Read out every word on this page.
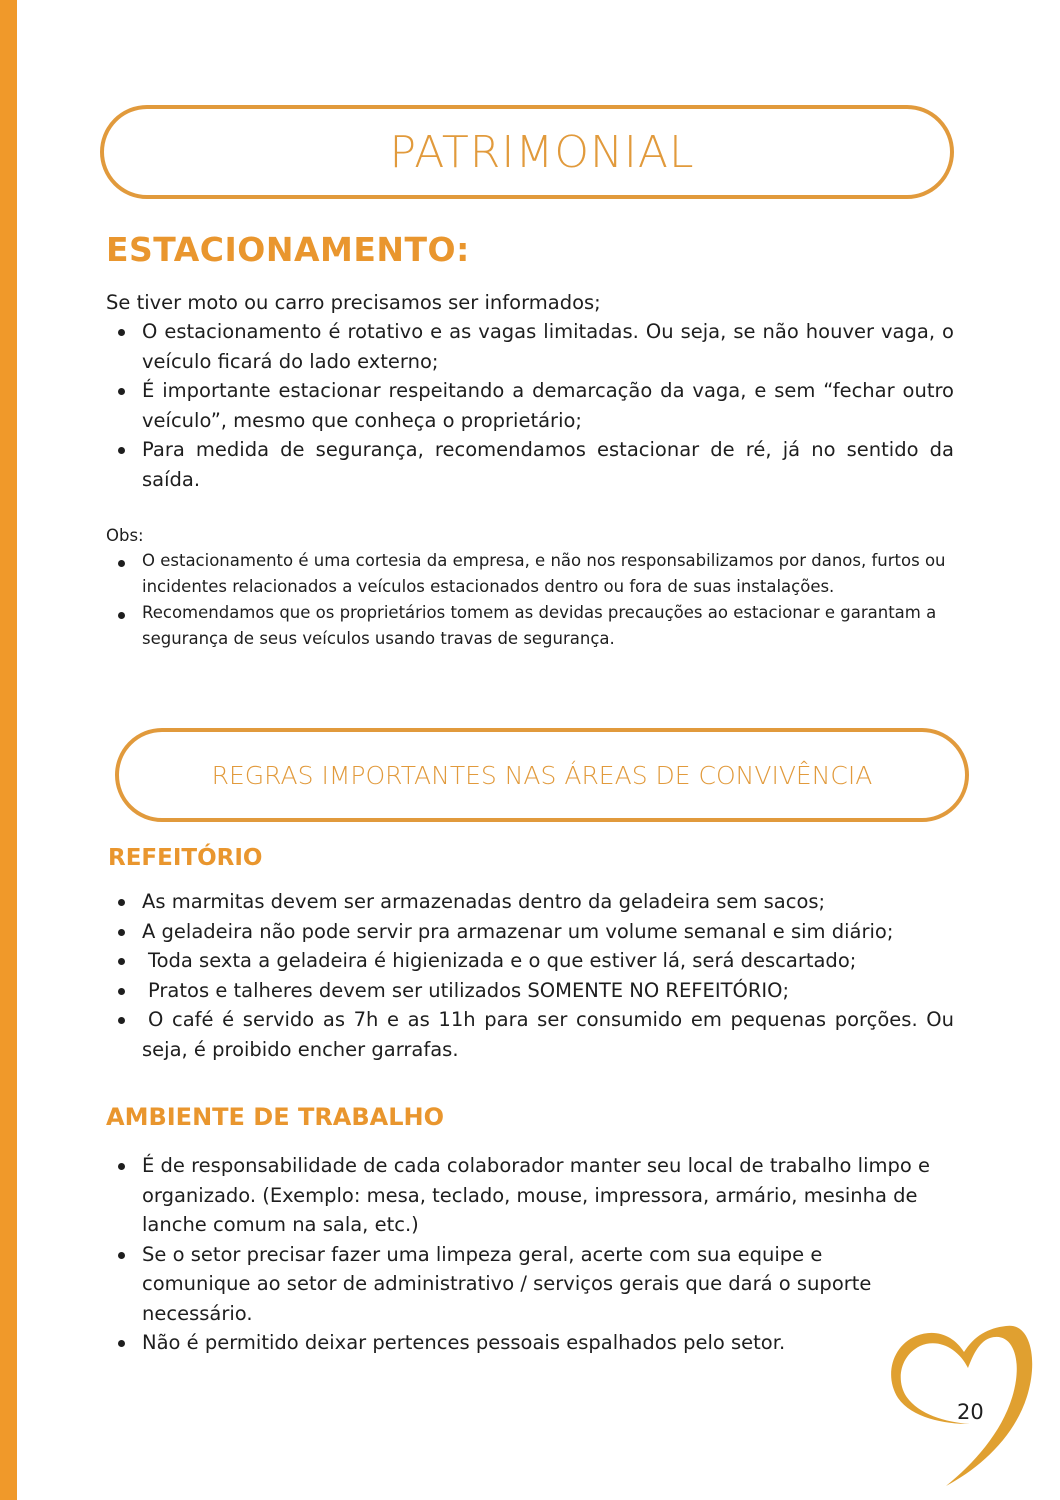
PATRIMONIAL
ESTACIONAMENTO:
Se tiver moto ou carro precisamos ser informados;
O estacionamento é rotativo e as vagas limitadas. Ou seja, se não houver vaga, o veículo ficará do lado externo;
É importante estacionar respeitando a demarcação da vaga, e sem “fechar outro veículo”, mesmo que conheça o proprietário;
Para medida de segurança, recomendamos estacionar de ré, já no sentido da saída.
Obs:
O estacionamento é uma cortesia da empresa, e não nos responsabilizamos por danos, furtos ou incidentes relacionados a veículos estacionados dentro ou fora de suas instalações.
Recomendamos que os proprietários tomem as devidas precauções ao estacionar e garantam a segurança de seus veículos usando travas de segurança.
REGRAS IMPORTANTES NAS ÁREAS DE CONVIVÊNCIA
REFEITÓRIO
As marmitas devem ser armazenadas dentro da geladeira sem sacos;
A geladeira não pode servir pra armazenar um volume semanal e sim diário;
Toda sexta a geladeira é higienizada e o que estiver lá, será descartado;
Pratos e talheres devem ser utilizados SOMENTE NO REFEITÓRIO;
O café é servido as 7h e as 11h para ser consumido em pequenas porções. Ou seja, é proibido encher garrafas.
AMBIENTE DE TRABALHO
É de responsabilidade de cada colaborador manter seu local de trabalho limpo e organizado. (Exemplo: mesa, teclado, mouse, impressora, armário, mesinha de lanche comum na sala, etc.)
Se o setor precisar fazer uma limpeza geral, acerte com sua equipe e comunique ao setor de administrativo / serviços gerais que dará o suporte necessário.
Não é permitido deixar pertences pessoais espalhados pelo setor.
20
